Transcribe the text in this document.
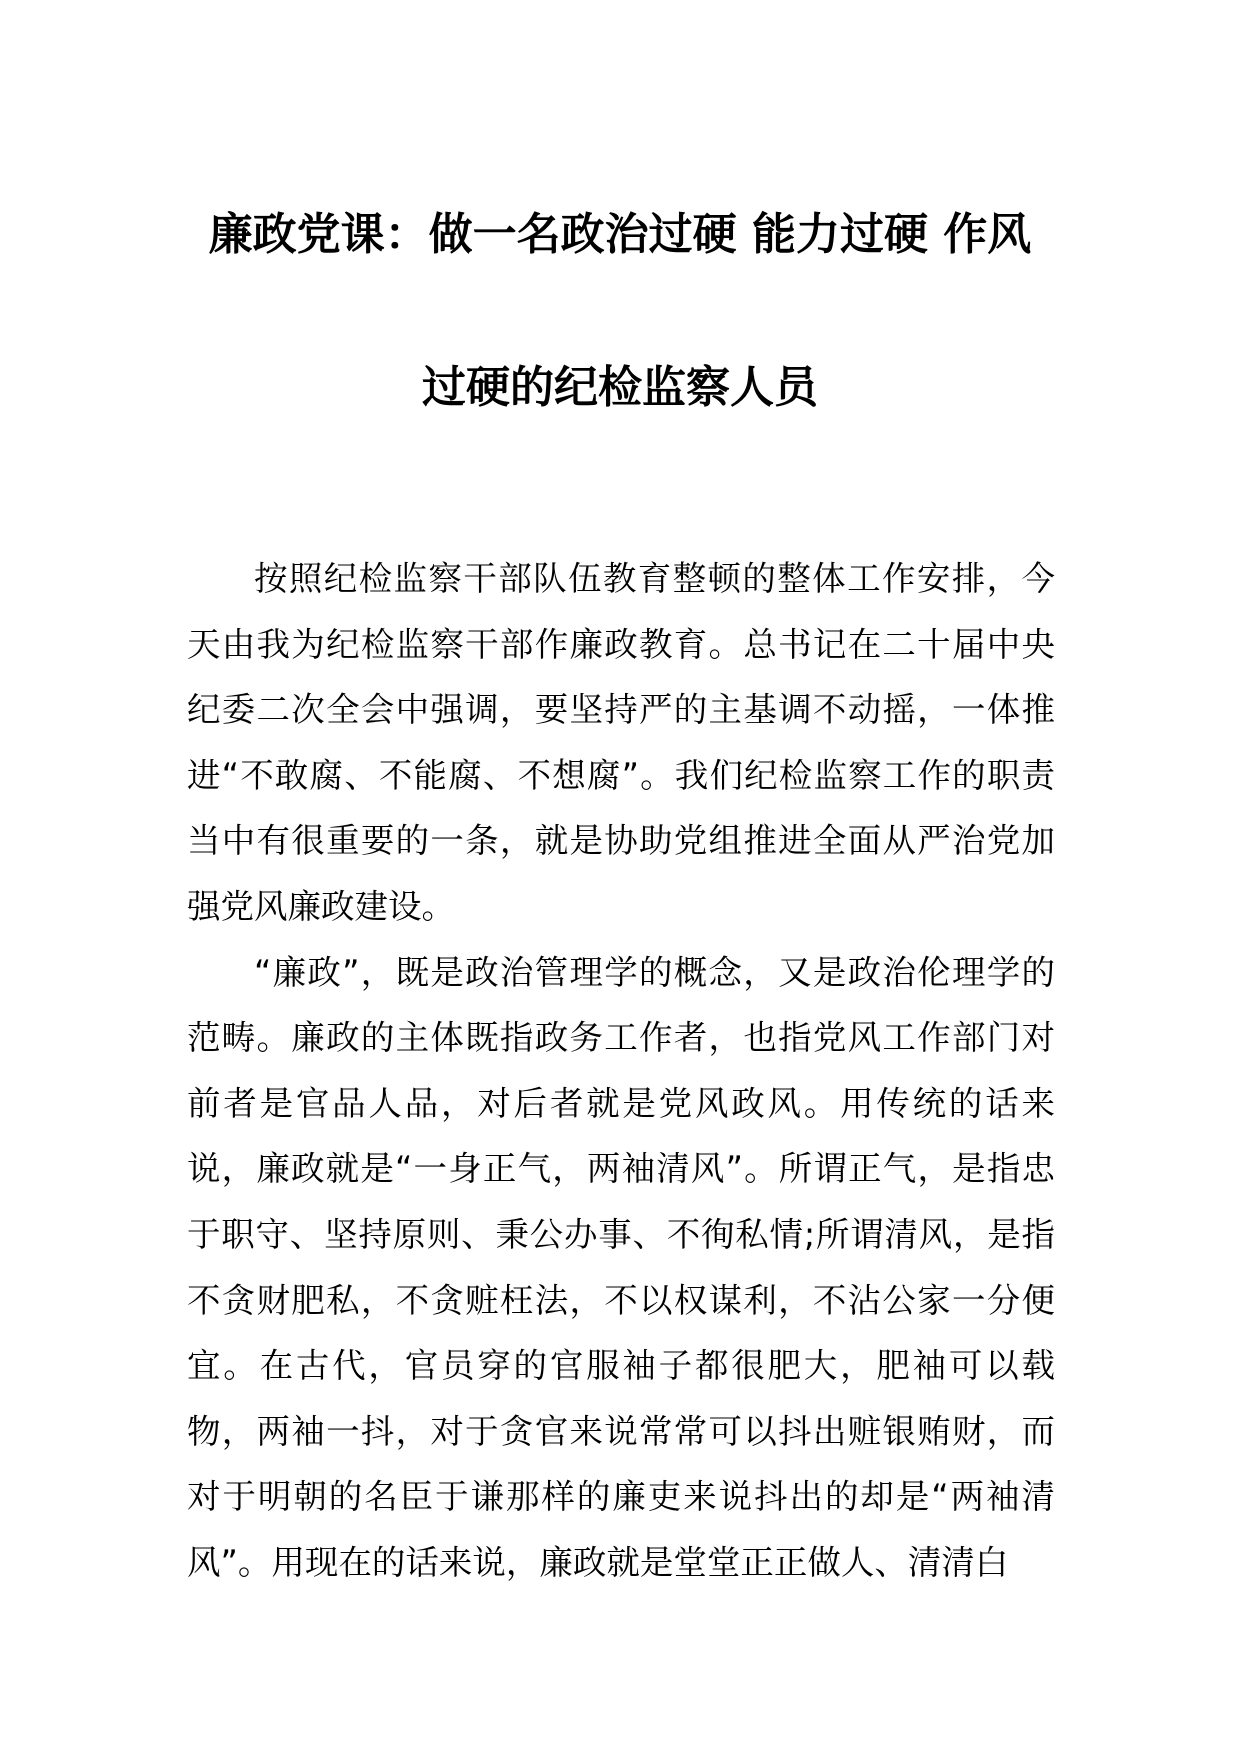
廉政党课：做一名政治过硬 能力过硬 作风
过硬的纪检监察人员

按照纪检监察干部队伍教育整顿的整体工作安排，今天由我为纪检监察干部作廉政教育。总书记在二十届中央纪委二次全会中强调，要坚持严的主基调不动摇，一体推进“不敢腐、不能腐、不想腐”。我们纪检监察工作的职责当中有很重要的一条，就是协助党组推进全面从严治党加强党风廉政建设。

“廉政”，既是政治管理学的概念，又是政治伦理学的范畴。廉政的主体既指政务工作者，也指党风工作部门对前者是官品人品，对后者就是党风政风。用传统的话来说，廉政就是“一身正气，两袖清风”。所谓正气，是指忠于职守、坚持原则、秉公办事、不徇私情;所谓清风，是指不贪财肥私，不贪赃枉法，不以权谋利，不沾公家一分便宜。在古代，官员穿的官服袖子都很肥大，肥袖可以载物，两袖一抖，对于贪官来说常常可以抖出赃银贿财，而对于明朝的名臣于谦那样的廉吏来说抖出的却是“两袖清风”。用现在的话来说，廉政就是堂堂正正做人、清清白
